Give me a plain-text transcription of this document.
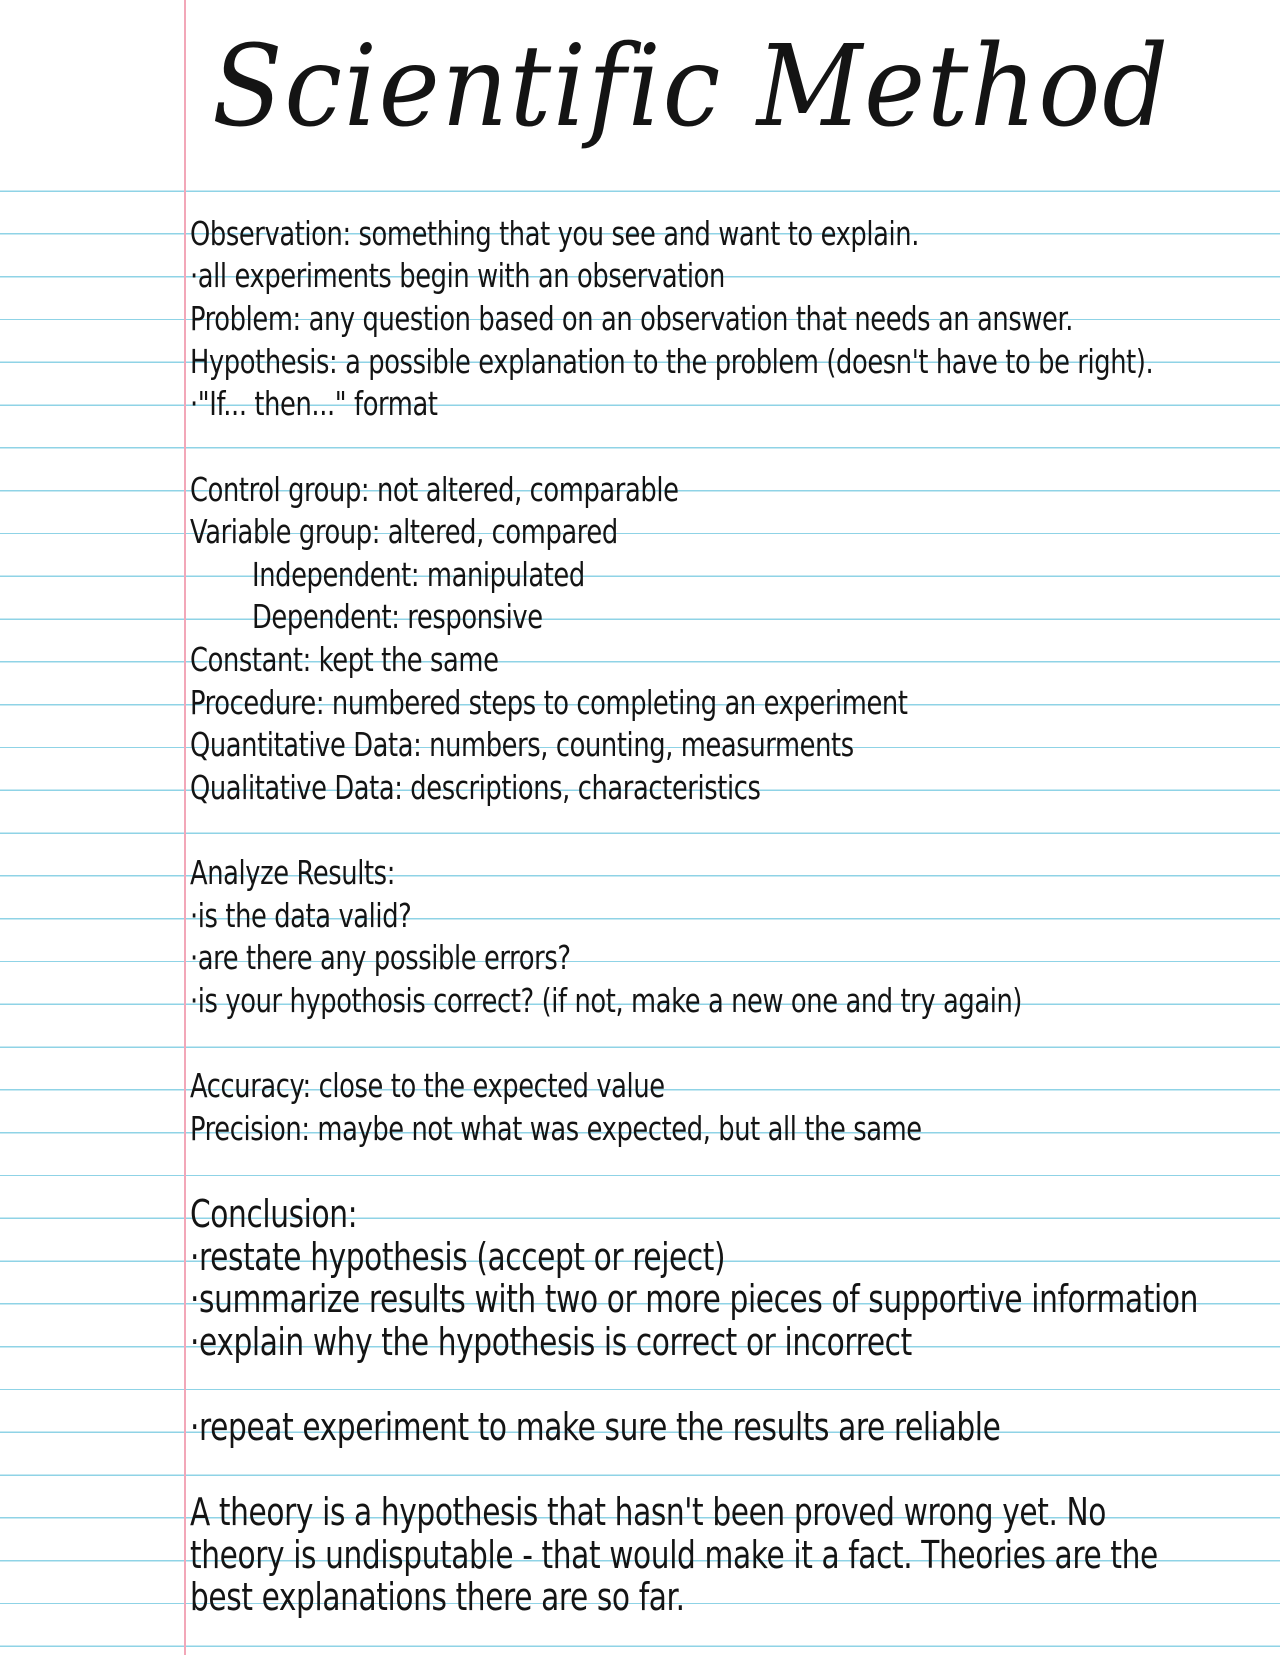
Scientific Method
Observation: something that you see and want to explain.
·all experiments begin with an observation
Problem: any question based on an observation that needs an answer.
Hypothesis: a possible explanation to the problem (doesn't have to be right).
·"If... then..." format
Control group: not altered, comparable
Variable group: altered, compared
Independent: manipulated
Dependent: responsive
Constant: kept the same
Procedure: numbered steps to completing an experiment
Quantitative Data: numbers, counting, measurments
Qualitative Data: descriptions, characteristics
Analyze Results:
·is the data valid?
·are there any possible errors?
·is your hypothosis correct? (if not, make a new one and try again)
Accuracy: close to the expected value
Precision: maybe not what was expected, but all the same
Conclusion:
·restate hypothesis (accept or reject)
·summarize results with two or more pieces of supportive information
·explain why the hypothesis is correct or incorrect
·repeat experiment to make sure the results are reliable
A theory is a hypothesis that hasn't been proved wrong yet. No
theory is undisputable - that would make it a fact. Theories are the
best explanations there are so far.
